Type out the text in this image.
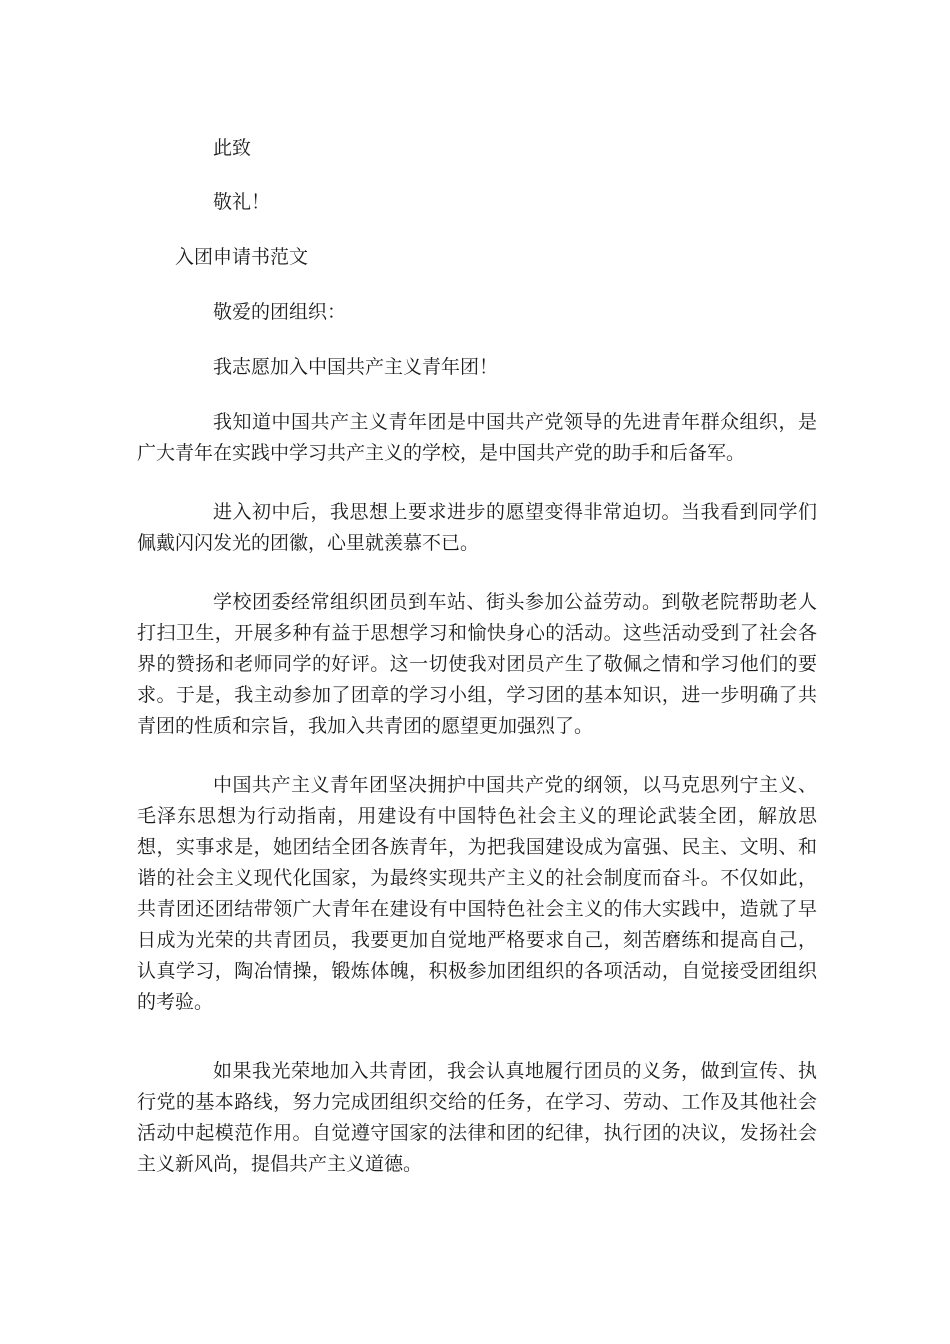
此致
敬礼！
入团申请书范文
敬爱的团组织：
我志愿加入中国共产主义青年团！
我知道中国共产主义青年团是中国共产党领导的先进青年群众组织，是广大青年在实践中学习共产主义的学校，是中国共产党的助手和后备军。
进入初中后，我思想上要求进步的愿望变得非常迫切。当我看到同学们佩戴闪闪发光的团徽，心里就羡慕不已。
学校团委经常组织团员到车站、街头参加公益劳动。到敬老院帮助老人打扫卫生，开展多种有益于思想学习和愉快身心的活动。这些活动受到了社会各界的赞扬和老师同学的好评。这一切使我对团员产生了敬佩之情和学习他们的要求。于是，我主动参加了团章的学习小组，学习团的基本知识，进一步明确了共青团的性质和宗旨，我加入共青团的愿望更加强烈了。
中国共产主义青年团坚决拥护中国共产党的纲领，以马克思列宁主义、毛泽东思想为行动指南，用建设有中国特色社会主义的理论武装全团，解放思想，实事求是，她团结全团各族青年，为把我国建设成为富强、民主、文明、和谐的社会主义现代化国家，为最终实现共产主义的社会制度而奋斗。不仅如此，共青团还团结带领广大青年在建设有中国特色社会主义的伟大实践中，造就了早日成为光荣的共青团员，我要更加自觉地严格要求自己，刻苦磨练和提高自己，认真学习，陶冶情操，锻炼体魄，积极参加团组织的各项活动，自觉接受团组织的考验。
如果我光荣地加入共青团，我会认真地履行团员的义务，做到宣传、执行党的基本路线，努力完成团组织交给的任务，在学习、劳动、工作及其他社会活动中起模范作用。自觉遵守国家的法律和团的纪律，执行团的决议，发扬社会主义新风尚，提倡共产主义道德。
